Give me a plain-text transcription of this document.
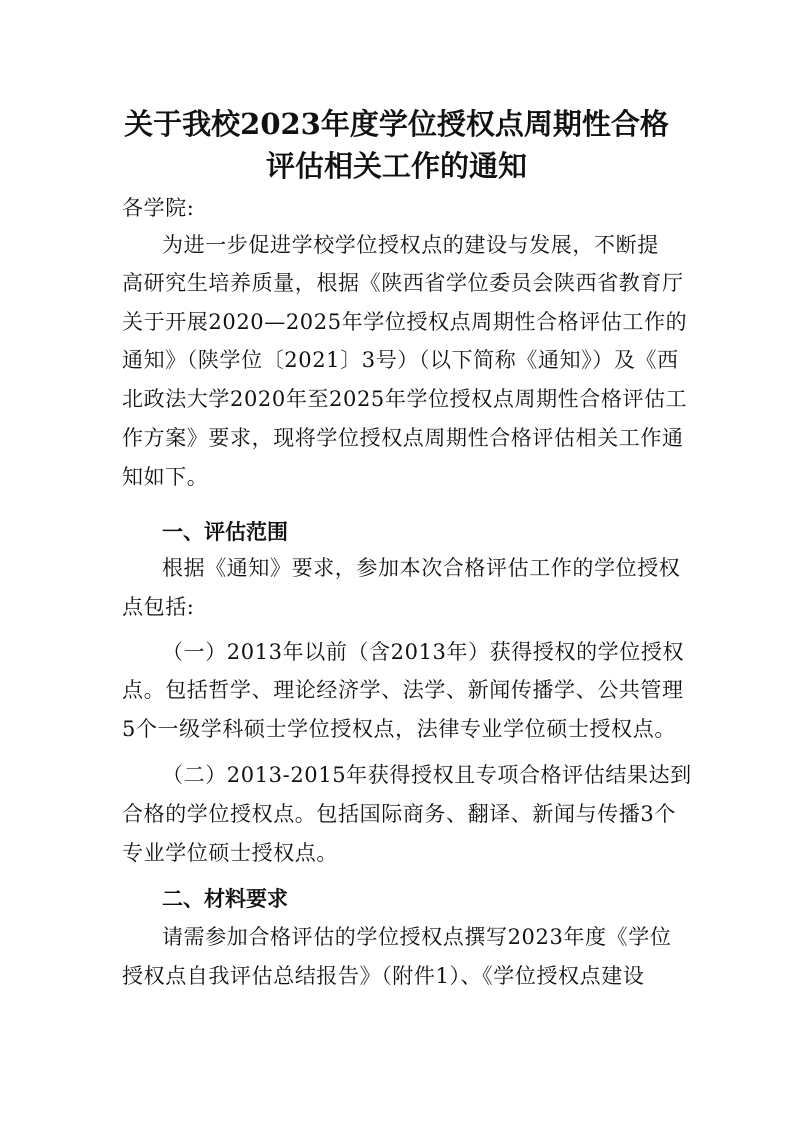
关于我校2023年度学位授权点周期性合格
评估相关工作的通知

各学院:

为进一步促进学校学位授权点的建设与发展，不断提

高研究生培养质量，根据《陕西省学位委员会陕西省教育厅

关于开展2020—2025年学位授权点周期性合格评估工作的

通知》（陕学位〔2021〕3号）（以下简称《通知》）及《西

北政法大学2020年至2025年学位授权点周期性合格评估工

作方案》要求，现将学位授权点周期性合格评估相关工作通

知如下。

一、评估范围

根据《通知》要求，参加本次合格评估工作的学位授权

点包括:

（一）2013年以前（含2013年）获得授权的学位授权

点。包括哲学、理论经济学、法学、新闻传播学、公共管理

5个一级学科硕士学位授权点，法律专业学位硕士授权点。

（二）2013-2015年获得授权且专项合格评估结果达到

合格的学位授权点。包括国际商务、翻译、新闻与传播3个

专业学位硕士授权点。

二、材料要求

请需参加合格评估的学位授权点撰写2023年度《学位

授权点自我评估总结报告》（附件1）、《学位授权点建设
